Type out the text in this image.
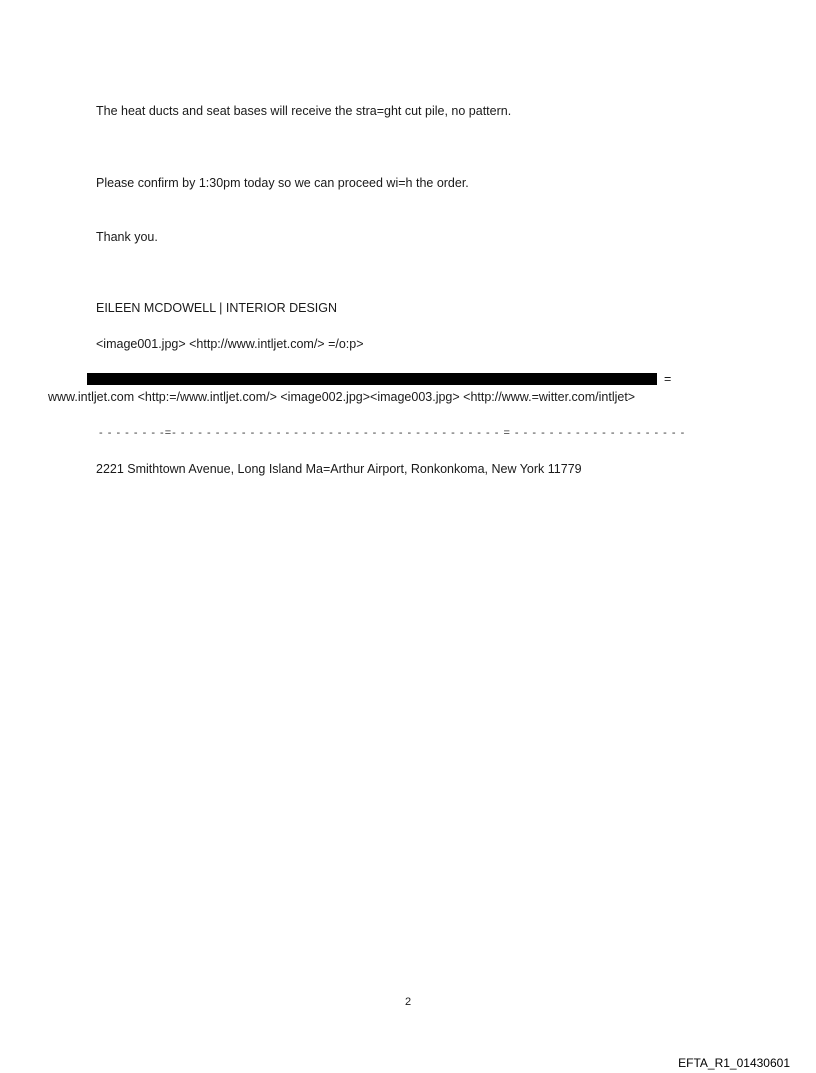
The heat ducts and seat bases will receive the stra=ght cut pile, no pattern.
Please confirm by 1:30pm today so we can proceed wi=h the order.
Thank you.
EILEEN MCDOWELL | INTERIOR DESIGN
<image001.jpg> <http://www.intljet.com/> =/o:p>
=
www.intljet.com <http:=/www.intljet.com/> <image002.jpg><image003.jpg> <http://www.=witter.com/intljet>
- - - - - - - -=- - - - - - - - - - - - - - - - - - - - - - - - - - - - - - - - - - - - - - = - - - - - - - - - - - - - - - - - - - -
2221 Smithtown Avenue, Long Island Ma=Arthur Airport, Ronkonkoma, New York 11779
2
EFTA_R1_01430601
